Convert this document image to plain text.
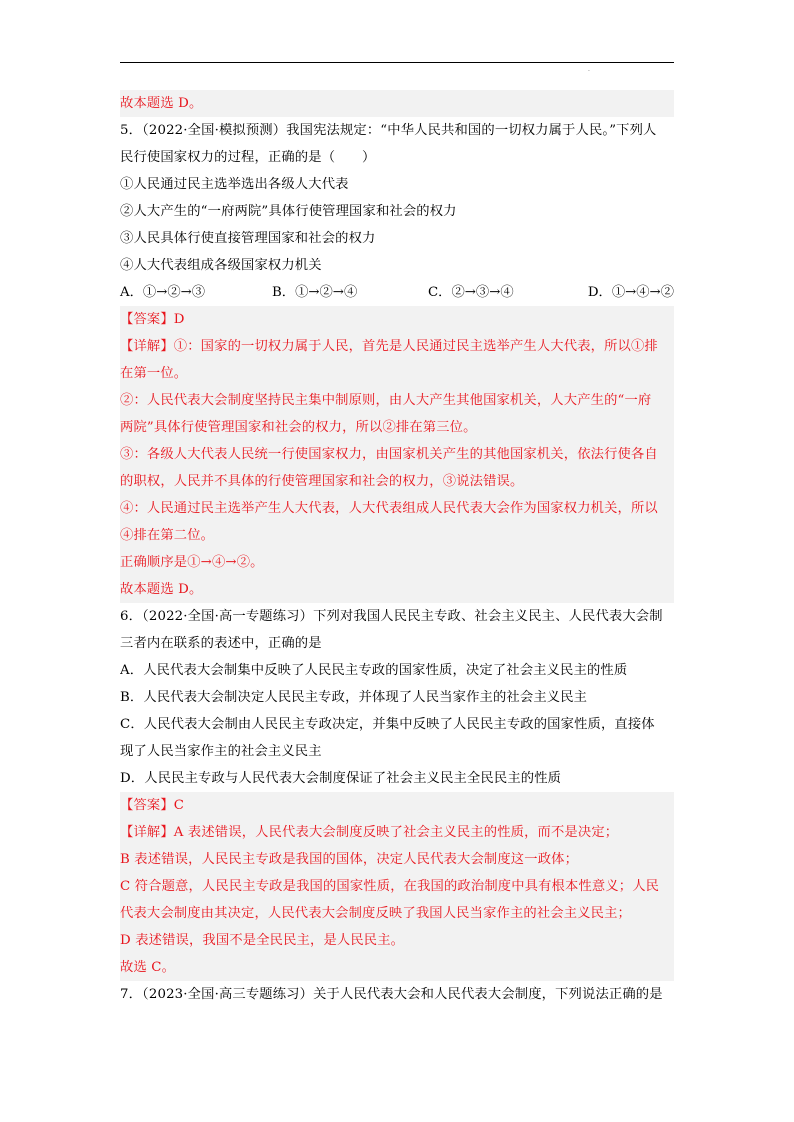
.
故本题选 D。
5．（2022·全国·模拟预测）我国宪法规定：“中华人民共和国的一切权力属于人民。”下列人
民行使国家权力的过程，正确的是（　　）
①人民通过民主选举选出各级人大代表
②人大产生的“一府两院”具体行使管理国家和社会的权力
③人民具体行使直接管理国家和社会的权力
④人大代表组成各级国家权力机关
A．①→②→③	B．①→②→④	C．②→③→④	D．①→④→②
【答案】D
【详解】①：国家的一切权力属于人民，首先是人民通过民主选举产生人大代表，所以①排
在第一位。
②：人民代表大会制度坚持民主集中制原则，由人大产生其他国家机关，人大产生的“一府
两院”具体行使管理国家和社会的权力，所以②排在第三位。
③：各级人大代表人民统一行使国家权力，由国家机关产生的其他国家机关，依法行使各自
的职权，人民并不具体的行使管理国家和社会的权力，③说法错误。
④：人民通过民主选举产生人大代表，人大代表组成人民代表大会作为国家权力机关，所以
④排在第二位。
正确顺序是①→④→②。
故本题选 D。
6．（2022·全国·高一专题练习）下列对我国人民民主专政、社会主义民主、人民代表大会制
三者内在联系的表述中，正确的是
A．人民代表大会制集中反映了人民民主专政的国家性质，决定了社会主义民主的性质
B．人民代表大会制决定人民民主专政，并体现了人民当家作主的社会主义民主
C．人民代表大会制由人民民主专政决定，并集中反映了人民民主专政的国家性质，直接体
现了人民当家作主的社会主义民主
D．人民民主专政与人民代表大会制度保证了社会主义民主全民民主的性质
【答案】C
【详解】A 表述错误，人民代表大会制度反映了社会主义民主的性质，而不是决定；
B 表述错误，人民民主专政是我国的国体，决定人民代表大会制度这一政体；
C 符合题意，人民民主专政是我国的国家性质，在我国的政治制度中具有根本性意义；人民
代表大会制度由其决定，人民代表大会制度反映了我国人民当家作主的社会主义民主；
D 表述错误，我国不是全民民主，是人民民主。
故选 C。
7．（2023·全国·高三专题练习）关于人民代表大会和人民代表大会制度，下列说法正确的是
